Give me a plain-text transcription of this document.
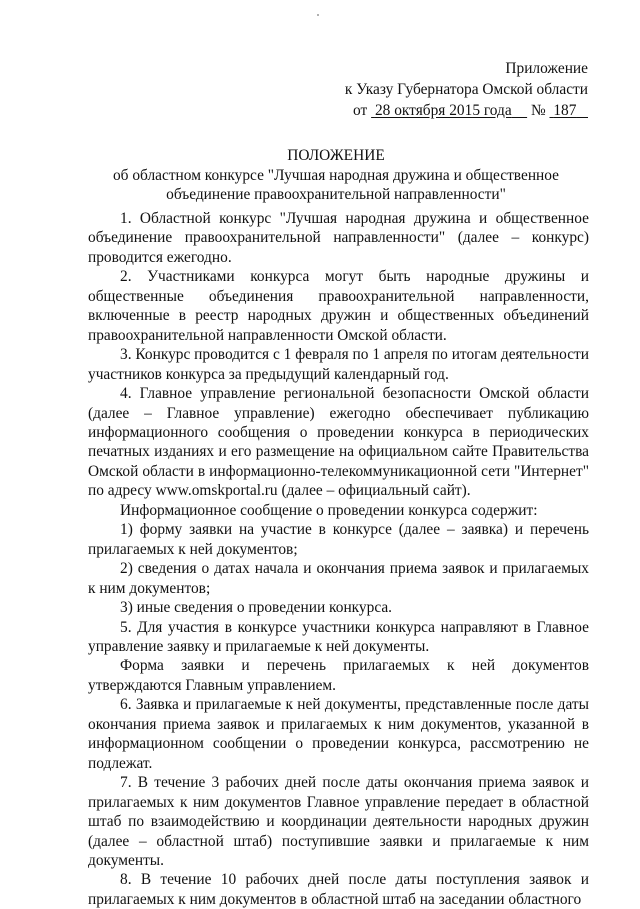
Приложение
к Указу Губернатора Омской области
от 28 октября 2015 года № 187
ПОЛОЖЕНИЕ
об областном конкурсе "Лучшая народная дружина и общественное объединение правоохранительной направленности"

1. Областной конкурс "Лучшая народная дружина и общественное объединение правоохранительной направленности" (далее – конкурс) проводится ежегодно.

2. Участниками конкурса могут быть народные дружины и общественные объединения правоохранительной направленности, включенные в реестр народных дружин и общественных объединений правоохранительной направленности Омской области.

3. Конкурс проводится с 1 февраля по 1 апреля по итогам деятельности участников конкурса за предыдущий календарный год.

4. Главное управление региональной безопасности Омской области (далее – Главное управление) ежегодно обеспечивает публикацию информационного сообщения о проведении конкурса в периодических печатных изданиях и его размещение на официальном сайте Правительства Омской области в информационно-телекоммуникационной сети "Интернет" по адресу www.omskportal.ru (далее – официальный сайт).

Информационное сообщение о проведении конкурса содержит:

1) форму заявки на участие в конкурсе (далее – заявка) и перечень прилагаемых к ней документов;

2) сведения о датах начала и окончания приема заявок и прилагаемых к ним документов;

3) иные сведения о проведении конкурса.

5. Для участия в конкурсе участники конкурса направляют в Главное управление заявку и прилагаемые к ней документы.

Форма заявки и перечень прилагаемых к ней документов утверждаются Главным управлением.

6. Заявка и прилагаемые к ней документы, представленные после даты окончания приема заявок и прилагаемых к ним документов, указанной в информационном сообщении о проведении конкурса, рассмотрению не подлежат.

7. В течение 3 рабочих дней после даты окончания приема заявок и прилагаемых к ним документов Главное управление передает в областной штаб по взаимодействию и координации деятельности народных дружин (далее – областной штаб) поступившие заявки и прилагаемые к ним документы.

8. В течение 10 рабочих дней после даты поступления заявок и прилагаемых к ним документов в областной штаб на заседании областного
